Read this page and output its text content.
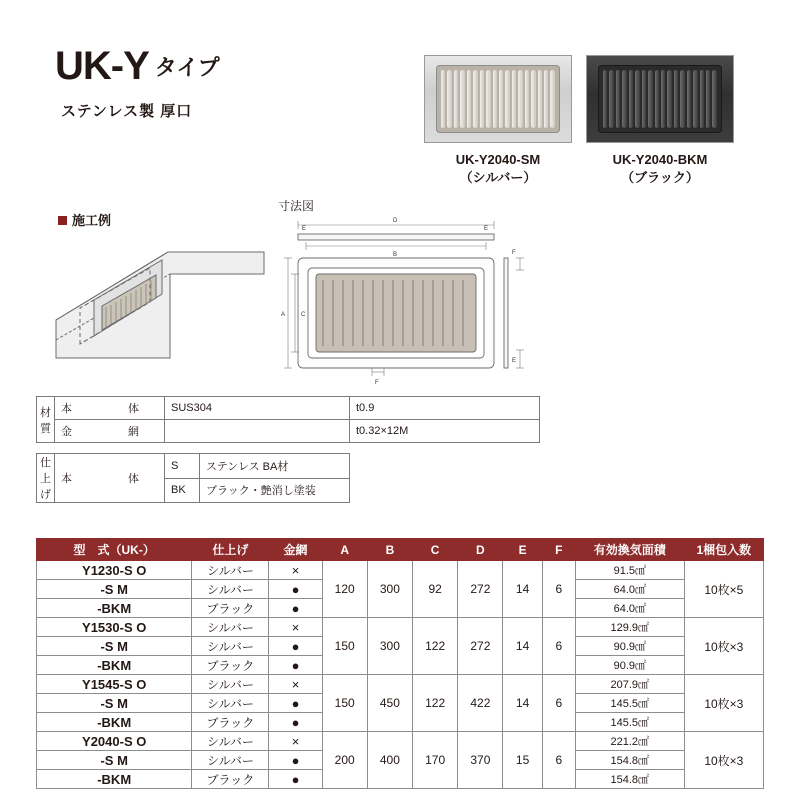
UK-Y タイプ
ステンレス製 厚口
UK-Y2040-SM
（シルバー）
UK-Y2040-BKM
（ブラック）
施工例
寸法図
D
B
E	E
A	C
F
E
F
材
質	本 体	SUS304	t0.9

	金 網		t0.32×12M
仕
上
げ	本 体	S	ステンレス BA材
		BK	ブラック・艶消し塗装
型　式（UK-）	仕上げ	金網	A	B	C	D	E	F	有効換気面積	1梱包入数
Y1230-S O	シルバー	×	120	300	92	272	14	6	91.5㎠	10枚×5
-S M	シルバー	●							64.0㎠	
-BKM	ブラック	●							64.0㎠	
Y1530-S O	シルバー	×	150	300	122	272	14	6	129.9㎠	10枚×3
-S M	シルバー	●							90.9㎠	
-BKM	ブラック	●							90.9㎠	
Y1545-S O	シルバー	×	150	450	122	422	14	6	207.9㎠	10枚×3
-S M	シルバー	●							145.5㎠	
-BKM	ブラック	●							145.5㎠	
Y2040-S O	シルバー	×	200	400	170	370	15	6	221.2㎠	10枚×3
-S M	シルバー	●							154.8㎠	
-BKM	ブラック	●							154.8㎠	
